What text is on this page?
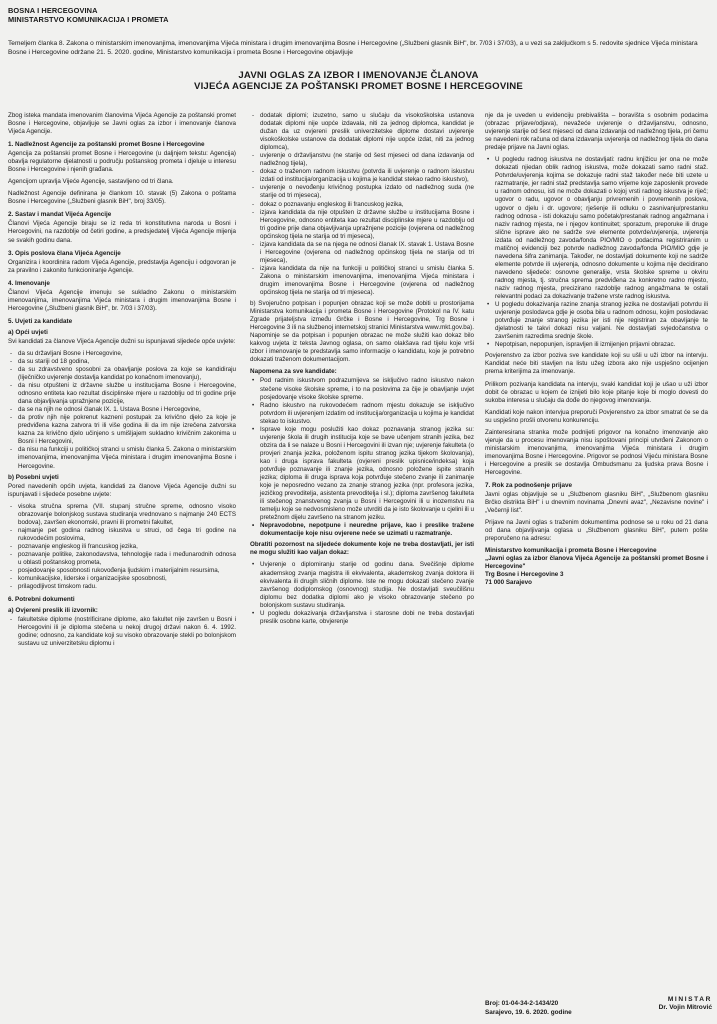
BOSNA I HERCEGOVINA
MINISTARSTVO KOMUNIKACIJA I PROMETA
Temeljem članka 8. Zakona o ministarskim imenovanjima, imenovanjima Vijeća ministara i drugim imenovanjima Bosne i Hercegovine („Službeni glasnik BiH", br. 7/03 i 37/03), a u vezi sa zaključkom s 5. redovite sjednice Vijeća ministara Bosne i Hercegovine održane 21. 5. 2020. godine, Ministarstvo komunikacija i prometa Bosne i Hercegovine objavljuje
JAVNI OGLAS ZA IZBOR I IMENOVANJE ČLANOVA
VIJEĆA AGENCIJE ZA POŠTANSKI PROMET BOSNE I HERCEGOVINE

Zbog isteka mandata imenovanim članovima Vijeća Agencije za poštanski promet Bosne i Hercegovine, objavljuje se Javni oglas za izbor i imenovanje članova Vijeća Agencije.

1. Nadležnost Agencije za poštanski promet Bosne i Hercegovine

Agencija za poštanski promet Bosne i Hercegovine (u daljnjem tekstu: Agencija) obavlja regulatorne djelatnosti u području poštanskog prometa i djeluje u interesu Bosne i Hercegovine i njenih građana.

Agencijom upravlja Vijeće Agencije, sastavljeno od tri člana.

Nadležnost Agencije definirana je člankom 10. stavak (5) Zakona o poštama Bosne i Hercegovine („Službeni glasnik BiH", broj 33/05).

2. Sastav i mandat Vijeća Agencije

Članovi Vijeća Agencije biraju se iz reda tri konstitutivna naroda u Bosni i Hercegovini, na razdoblje od četiri godine, a predsjedatelj Vijeća Agencije mijenja se svakih godinu dana.

3. Opis poslova člana Vijeća Agencije

Organizira i koordinira radom Vijeća Agencije, predstavlja Agenciju i odgovoran je za pravilno i zakonito funkcioniranje Agencije.

4. Imenovanje

Članovi Vijeća Agencije imenuju se sukladno Zakonu o ministarskim imenovanjima, imenovanjima Vijeća ministara i drugim imenovanjima Bosne i Hercegovine („Službeni glasnik BiH", br. 7/03 i 37/03).

5. Uvjeti za kandidate
a) Opći uvjeti

Svi kandidati za članove Vijeća Agencije dužni su ispunjavati sljedeće opće uvjete:

- da su državljani Bosne i Hercegovine,
- da su stariji od 18 godina,
- da su zdravstveno sposobni za obavljanje poslova za koje se kandidiraju (liječničko uvjerenje dostavlja kandidat po konačnom imenovanju),
- da nisu otpušteni iz državne službe u institucijama Bosne i Hercegovine, odnosno entiteta kao rezultat disciplinske mjere u razdoblju od tri godine prije dana objavljivanja upražnjene pozicije,
- da se na njih ne odnosi članak IX. 1. Ustava Bosne i Hercegovine,
- da protiv njih nije pokrenut kazneni postupak za krivično djelo za koje je predviđena kazna zatvora tri ili više godina ili da im nije izrečena zatvorska kazna za krivično djelo učinjeno s umišljajem sukladno krivičnim zakonima u Bosni i Hercegovini,
- da nisu na funkciji u političkoj stranci u smislu članka 5. Zakona o ministarskim imenovanjima, imenovanjima Vijeća ministara i drugim imenovanjima Bosne i Hercegovine.
b) Posebni uvjeti

Pored navedenih općih uvjeta, kandidati za članove Vijeća Agencije dužni su ispunjavati i sljedeće posebne uvjete:

- visoka stručna sprema (VII. stupanj stručne spreme, odnosno visoko obrazovanje bolonjskog sustava studiranja vrednovano s najmanje 240 ECTS bodova), završen ekonomski, pravni ili prometni fakultet,
- najmanje pet godina radnog iskustva u struci, od čega tri godine na rukovodećim poslovima,
- poznavanje engleskog ili francuskog jezika,
- poznavanje politike, zakonodavstva, tehnologije rada i međunarodnih odnosa u oblasti poštanskog prometa,
- posjedovanje sposobnosti rukovođenja ljudskim i materijalnim resursima,
- komunikacijske, liderske i organizacijske sposobnosti,
- prilagodljivost timskom radu.
6. Potrebni dokumenti
a) Ovjereni preslik ili izvornik:
- fakultetske diplome (nostrificirane diplome, ako fakultet nije završen u Bosni i Hercegovini ili je diploma stečena u nekoj drugoj državi nakon 6. 4. 1992. godine; odnosno, za kandidate koji su visoko obrazovanje stekli po bolonjskom sustavu uz univerzitetsku diplomu i
- dodatak diplomi; izuzetno, samo u slučaju da visokoškolska ustanova dodatak diplomi nije uopće izdavala, niti za jednog diplomca, kandidat je dužan da uz ovjereni preslik univerzitetske diplome dostavi uvjerenje visokoškolske ustanove da dodatak diplomi nije uopće izdat, niti za jednog diplomca),
- uvjerenje o državljanstvu (ne starije od šest mjeseci od dana izdavanja od nadležnog tijela),
- dokaz o traženom radnom iskustvu (potvrda ili uvjerenje o radnom iskustvu izdati od institucija/organizacija u kojima je kandidat stekao radno iskustvo),
- uvjerenje o nevođenju krivičnog postupka izdato od nadležnog suda (ne starije od tri mjeseca),
- dokaz o poznavanju engleskog ili francuskog jezika,
- izjava kandidata da nije otpušten iz državne službe u institucijama Bosne i Hercegovine, odnosno entiteta kao rezultat disciplinske mjere u razdoblju od tri godine prije dana objavljivanja upražnjene pozicije (ovjerena od nadležnog općinskog tijela ne starija od tri mjeseca),
- izjava kandidata da se na njega ne odnosi članak IX. stavak 1. Ustava Bosne i Hercegovine (ovjerena od nadležnog općinskog tijela ne starija od tri mjeseca),
- izjava kandidata da nije na funkciji u političkoj stranci u smislu članka 5. Zakona o ministarskim imenovanjima, imenovanjima Vijeća ministara i drugim imenovanjima Bosne i Hercegovine (ovjerena od nadležnog općinskog tijela ne starija od tri mjeseca).

b) Svojeručno potpisan i popunjen obrazac koji se može dobiti u prostorijama Ministarstva komunikacija i prometa Bosne i Hercegovine (Protokol na IV. katu Zgrade prijateljstva između Grčke i Bosne i Hercegovine, Trg Bosne i Hercegovine 3 ili na službenoj internetskoj stranici Ministarstva www.mkt.gov.ba). Napominje se da potpisan i popunjen obrazac ne može služiti kao dokaz bilo kakvog uvjeta iz teksta Javnog oglasa, on samo olakšava rad tijelu koje vrši izbor i imenovanje te predstavlja samo informacije o kandidatu, koje je potrebno dokazati traženom dokumentacijom.

Napomena za sve kandidate:
• Pod radnim iskustvom podrazumijeva se isključivo radno iskustvo nakon stečene visoke školske spreme, i to na poslovima za čije je obavljanje uvjet posjedovanje visoke školske spreme.
• Radno iskustvo na rukovodećem radnom mjestu dokazuje se isključivo potvrdom ili uvjerenjem izdatim od institucija/organizacija u kojima je kandidat stekao to iskustvo.
• Isprave koje mogu poslužiti kao dokaz poznavanja stranog jezika su: uvjerenje škola ili drugih institucija koje se bave učenjem stranih jezika, bez obzira da li se nalaze u Bosni i Hercegovini ili izvan nje; uvjerenje fakulteta (o provjeri znanja jezika, položenom ispitu stranog jezika tijekom školovanja), kao i druga isprava fakulteta (ovjereni preslik upisnice/indeksa) koja potvrđuje poznavanje ili znanje jezika, odnosno položene ispite stranih jezika; diploma ili druga isprava koja potvrđuje stečeno zvanje ili zanimanje koje je neposredno vezano za znanje stranog jezika (npr. profesora jezika, jezičkog prevoditelja, asistenta prevoditelja i sl.); diploma završenog fakulteta ili stečenog znanstvenog zvanja u Bosni i Hercegovini ili u inozemstvu na temelju koje se nedvosmisleno može utvrditi da je isto školovanje u cjelini ili u pretežnom dijelu završeno na stranom jeziku.
• Nepravodobne, nepotpune i neuredne prijave, kao i preslike tražene dokumentacije koje nisu ovjerene neće se uzimati u razmatranje.

Obratiti pozornost na sljedeće dokumente koje ne treba dostavljati, jer isti ne mogu služiti kao valjan dokaz:

• Uvjerenje o diplomiranju starije od godinu dana. Svečišnje diplome akademskog zvanja magistra ili ekvivalenta, akademskog zvanja doktora ili ekvivalenta ili drugih sličnih diplome. Iste ne mogu dokazati stečeno zvanje završenog dodiplomskog (osnovnog) studija. Ne dostavljati sveučilišnu diplomu bez dodatka diplomi ako je visoko obrazovanje stečeno po bolonjskom sustavu studiranja.
• U pogledu dokazivanja državljanstva i starosne dobi ne treba dostavljati preslik osobne karte, obvjerenje

nje da je uveden u evidenciju prebivališta – boravišta s osobnim podacima (obrazac prijave/odjava), nevažeće uvjerenje o državljanstvu, odnosno, uvjerenje starije od šest mjeseci od dana izdavanja od nadležnog tijela, pri čemu se navedeni rok računa od dana izdavanja uvjerenja od nadležnog tijela do dana predaje prijave na Javni oglas.

• U pogledu radnog iskustva ne dostavljati: radnu knjižicu jer ona ne može dokazati njiedan oblik radnog iskustva, može dokazati samo radni staž. Potvrde/uvjerenja kojima se dokazuje radni staž također neće biti uzete u razmatranje, jer radni staž predstavlja samo vrijeme koje zaposlenik provede u radnom odnosu, isti ne može dokazati o kojoj vrsti radnog iskustva je riječ; ugovor o radu, ugovor o obavljanju privremenih i povremenih poslova, ugovor o djelu i dr. ugovore; rješenje ili odluku o zasnivanju/prestanku radnog odnosa - isti dokazuju samo početak/prestanak radnog angažmana i naziv radnog mjesta, ne i njegov kontinuitet; sporazum, preporuke ili druge slične isprave ako ne sadrže sve elemente potvrde/uvjerenja, uvjerenja izdata od nadležnog zavoda/fonda PIO/MIO o podacima registriranim u matičnoj evidenciji bez potvrde nadležnog zavoda/fonda PIO/MIO gdje je navedena šifra zanimanja. Također, ne dostavljati dokumente koji ne sadrže elemente potvrde ili uvjerenja, odnosno dokumente u kojima nije decidirano navedeno sljedeće: osnovne generalije, vrsta školske spreme u okviru radnog mjesta, tj. stručna sprema predviđena za konkretno radno mjesto, naziv radnog mjesta, precizirano razdoblje radnog angažmana te ostali relevantni podaci za dokazivanje tražene vrste radnog iskustva.
• U pogledu dokazivanja razine znanja stranog jezika ne dostavljati potvrdu ili uvjerenje poslodavca gdje je osoba bila u radnom odnosu, kojim poslodavac potvrđuje znanje stranog jezika jer isti nije registriran za obavljanje te djelatnosti te takvi dokazi nisu valjani. Ne dostavljati svjedočanstva o završenim razredima srednje škole.
• Nepotpisan, nepopunjen, ispravljen ili izmijenjen prijavni obrazac.

Povjerenstvo za izbor poziva sve kandidate koji su ušli u uži izbor na intervju. Kandidat neće biti stavljen na listu užeg izbora ako nije uspješno ocijenjen prema kriterijima za imenovanje.

Prilikom pozivanja kandidata na intervju, svaki kandidat koji je ušao u uži izbor dobit će obrazac u kojem će iznijeti bilo koje pitanje koje bi moglo dovesti do sukoba interesa u slučaju da dođe do njegovog imenovanja.

Kandidati koje nakon intervjua preporuči Povjerenstvo za izbor smatrat će se da su uspješno prošli otvorenu konkurenciju.

Zainteresirana stranka može podnijeti prigovor na konačno imenovanje ako vjeruje da u procesu imenovanja nisu ispoštovani principi utvrđeni Zakonom o ministarskim imenovanjima, imenovanjima Vijeća ministara i drugim imenovanjima Bosne i Hercegovine. Prigovor se podnosi Vijeću ministara Bosne i Hercegovine a preslik se dostavlja Ombudsmanu za ljudska prava Bosne i Hercegovine.

7. Rok za podnošenje prijave

Javni oglas objavljuje se u „Službenom glasniku BiH", „Službenom glasniku Brčko distrikta BiH" i u dnevnim novinama „Dnevni avaz", „Nezavisne novine" i „Večernji list".

Prijave na Javni oglas s traženim dokumentima podnose se u roku od 21 dana od dana objavljivanja oglasa u „Službenom glasniku BiH", putem pošte preporučeno na adresu:

Ministarstvo komunikacija i prometa Bosne i Hercegovine
„Javni oglas za izbor članova Vijeća Agencije za poštanski promet Bosne i Hercegovine"
Trg Bosne i Hercegovine 3
71 000 Sarajevo
Broj: 01-04-34-2-1434/20
Sarajevo, 19. 6. 2020. godine
MINISTAR
Dr. Vojin Mitrović
